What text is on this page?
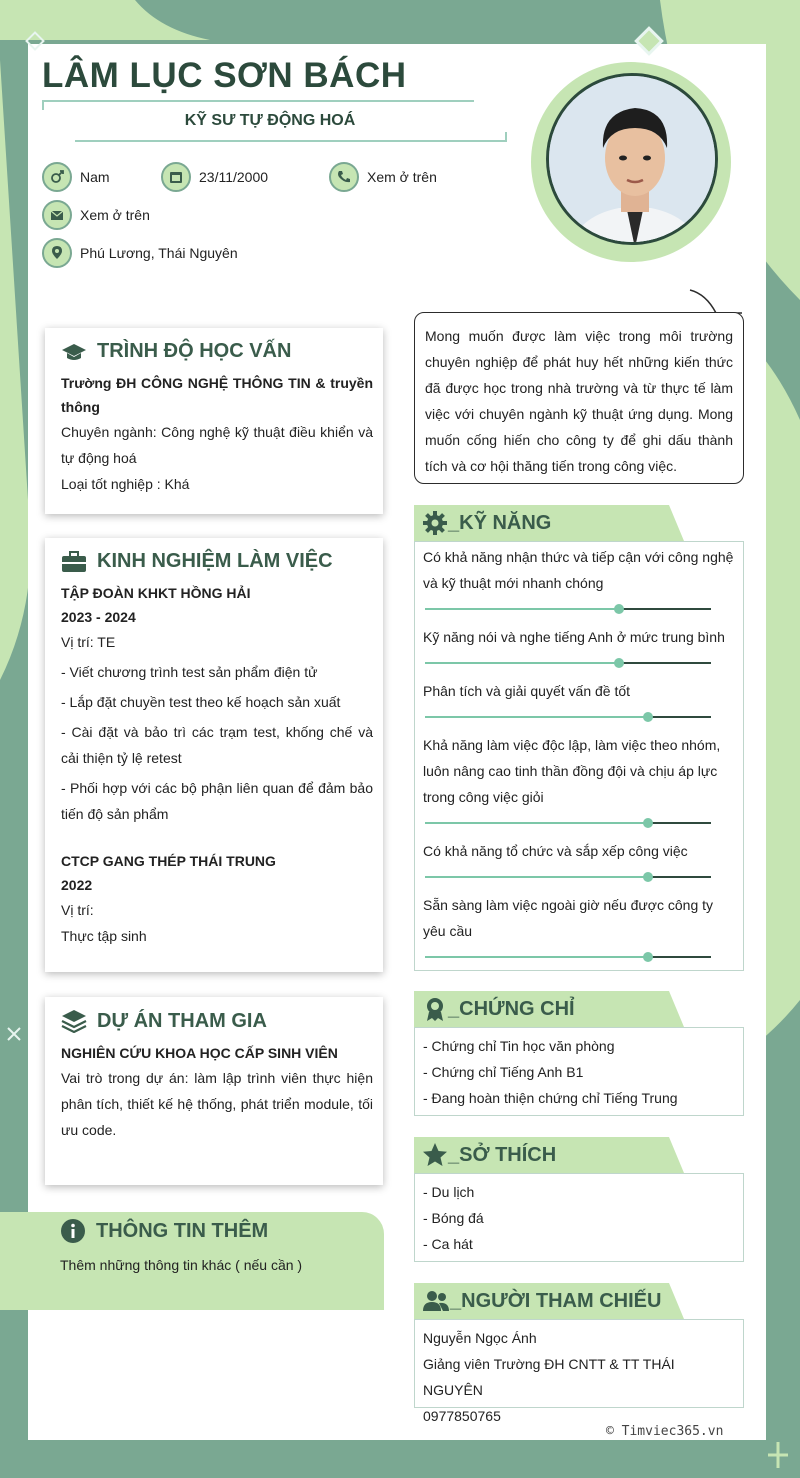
LÂM LỤC SƠN BÁCH
KỸ SƯ TỰ ĐỘNG HOÁ
Nam	23/11/2000	Xem ở trên
Xem ở trên
Phú Lương, Thái Nguyên
Mong muốn được làm việc trong môi trường chuyên nghiệp để phát huy hết những kiến thức đã được học trong nhà trường và từ thực tế làm việc với chuyên ngành kỹ thuật ứng dụng. Mong muốn cống hiến cho công ty để ghi dấu thành tích và cơ hội thăng tiến trong công việc.
TRÌNH ĐỘ HỌC VẤN
Trường ĐH CÔNG NGHỆ THÔNG TIN & truyền thông
Chuyên ngành: Công nghệ kỹ thuật điều khiển và tự động hoá
Loại tốt nghiệp : Khá
KINH NGHIỆM LÀM VIỆC
TẬP ĐOÀN KHKT HỒNG HẢI
2023 - 2024
Vị trí: TE
- Viết chương trình test sản phẩm điện tử
- Lắp đặt chuyền test theo kế hoạch sản xuất
- Cài đặt và bảo trì các trạm test, khống chế và cải thiện tỷ lệ retest
- Phối hợp với các bộ phận liên quan để đảm bảo tiến độ sản phẩm
CTCP GANG THÉP THÁI TRUNG
2022
Vị trí:
Thực tập sinh
DỰ ÁN THAM GIA
NGHIÊN CỨU KHOA HỌC CẤP SINH VIÊN
Vai trò trong dự án: làm lập trình viên thực hiện phân tích, thiết kế hệ thống, phát triển module, tối ưu code.
THÔNG TIN THÊM
Thêm những thông tin khác ( nếu cần )
_KỸ NĂNG
Có khả năng nhận thức và tiếp cận với công nghệ và kỹ thuật mới nhanh chóng
Kỹ năng nói và nghe tiếng Anh ở mức trung bình
Phân tích và giải quyết vấn đề tốt
Khả năng làm việc độc lập, làm việc theo nhóm, luôn nâng cao tinh thần đồng đội và chịu áp lực trong công việc giỏi
Có khả năng tổ chức và sắp xếp công việc
Sẵn sàng làm việc ngoài giờ nếu được công ty yêu cầu
_CHỨNG CHỈ
- Chứng chỉ Tin học văn phòng
- Chứng chỉ Tiếng Anh B1
- Đang hoàn thiện chứng chỉ Tiếng Trung
_SỞ THÍCH
- Du lịch
- Bóng đá
- Ca hát
_NGƯỜI THAM CHIẾU
Nguyễn Ngọc Ánh
Giảng viên Trường ĐH CNTT & TT THÁI NGUYÊN
0977850765
© Timviec365.vn
